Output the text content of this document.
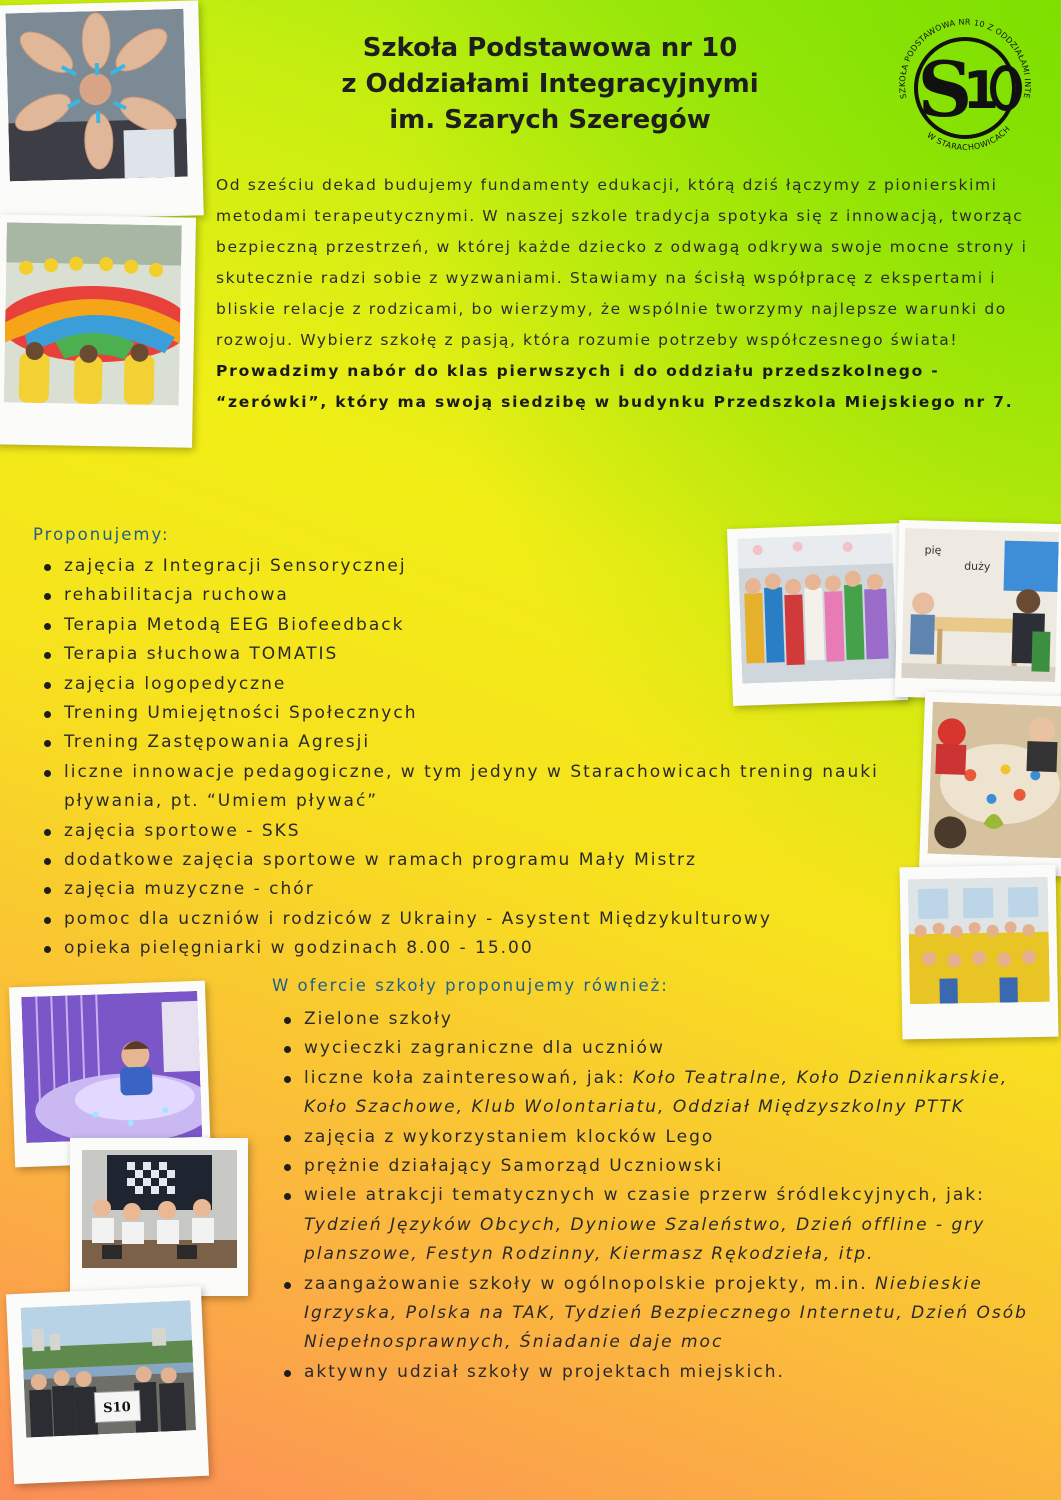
Szkoła Podstawowa nr 10
z Oddziałami Integracyjnymi
im. Szarych Szeregów
SZKOŁA PODSTAWOWA NR 10 Z ODDZIAŁAMI INTE
W STARACHOWICACH
S
1

Od sześciu dekad budujemy fundamenty edukacji, którą dziś łączymy z pionierskimi metodami terapeutycznymi. W naszej szkole tradycja spotyka się z innowacją, tworząc bezpieczną przestrzeń, w której każde dziecko z odwagą odkrywa swoje mocne strony i skutecznie radzi sobie z wyzwaniami. Stawiamy na ścisłą współpracę z ekspertami i bliskie relacje z rodzicami, bo wierzymy, że wspólnie tworzymy najlepsze warunki do rozwoju. Wybierz szkołę z pasją, która rozumie potrzeby współczesnego świata!

Prowadzimy nabór do klas pierwszych i do oddziału przedszkolnego - “zerówki”, który ma swoją siedzibę w budynku Przedszkola Miejskiego nr 7.

Proponujemy:
zajęcia z Integracji Sensorycznej
rehabilitacja ruchowa
Terapia Metodą EEG Biofeedback
Terapia słuchowa TOMATIS
zajęcia logopedyczne
Trening Umiejętności Społecznych
Trening Zastępowania Agresji
liczne innowacje pedagogiczne, w tym jedyny w Starachowicach trening nauki pływania, pt. “Umiem pływać”
zajęcia sportowe - SKS
dodatkowe zajęcia sportowe w ramach programu Mały Mistrz
zajęcia muzyczne - chór
pomoc dla uczniów i rodziców z Ukrainy - Asystent Międzykulturowy
opieka pielęgniarki w godzinach 8.00 - 15.00
W ofercie szkoły proponujemy również:
Zielone szkoły
wycieczki zagraniczne dla uczniów
liczne koła zainteresowań, jak: Koło Teatralne, Koło Dziennikarskie, Koło Szachowe, Klub Wolontariatu, Oddział Międzyszkolny PTTK
zajęcia z wykorzystaniem klocków Lego
prężnie działający Samorząd Uczniowski
wiele atrakcji tematycznych w czasie przerw śródlekcyjnych, jak: Tydzień Języków Obcych, Dyniowe Szaleństwo, Dzień offline - gry planszowe, Festyn Rodzinny, Kiermasz Rękodzieła, itp.
zaangażowanie szkoły w ogólnopolskie projekty, m.in. Niebieskie Igrzyska, Polska na TAK, Tydzień Bezpiecznego Internetu, Dzień Osób Niepełnosprawnych, Śniadanie daje moc
aktywny udział szkoły w projektach miejskich.
pię
duży
S10
